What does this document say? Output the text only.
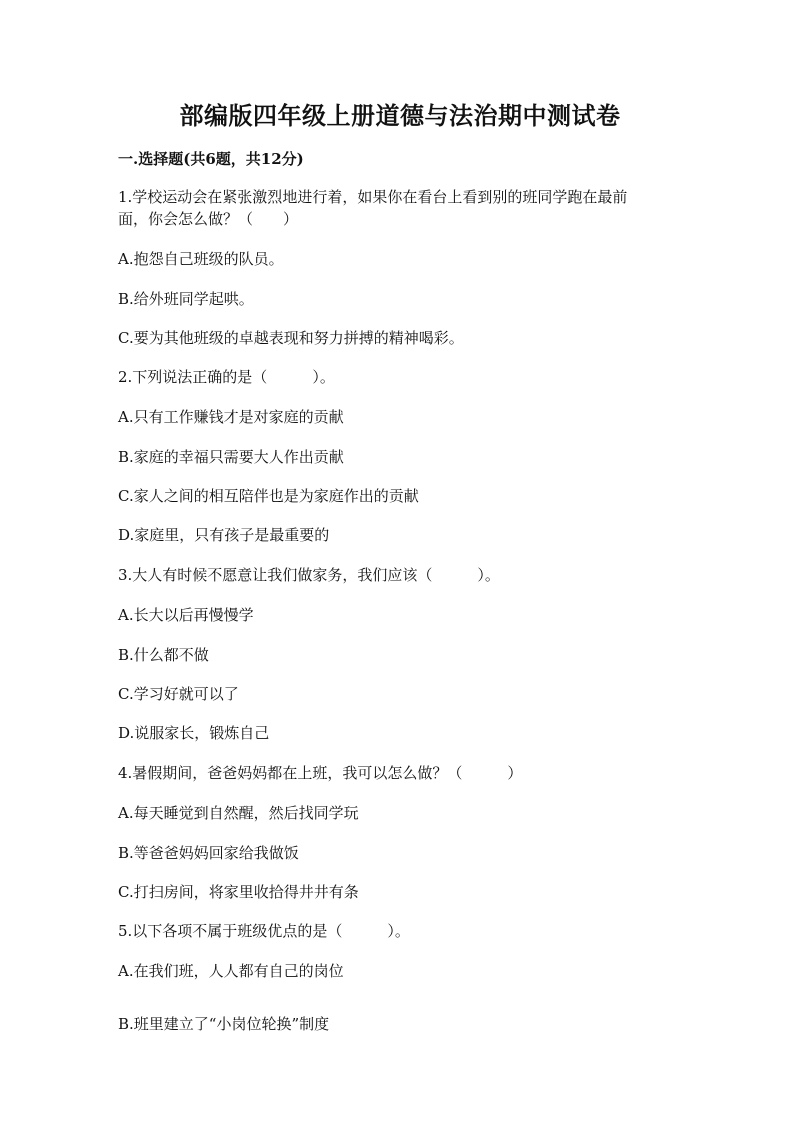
部编版四年级上册道德与法治期中测试卷
一.选择题(共6题，共12分)
1.学校运动会在紧张激烈地进行着，如果你在看台上看到别的班同学跑在最前
面，你会怎么做？（　　）
A.抱怨自己班级的队员。
B.给外班同学起哄。
C.要为其他班级的卓越表现和努力拼搏的精神喝彩。
2.下列说法正确的是（　　　）。
A.只有工作赚钱才是对家庭的贡献
B.家庭的幸福只需要大人作出贡献
C.家人之间的相互陪伴也是为家庭作出的贡献
D.家庭里，只有孩子是最重要的
3.大人有时候不愿意让我们做家务，我们应该（　　　）。
A.长大以后再慢慢学
B.什么都不做
C.学习好就可以了
D.说服家长，锻炼自己
4.暑假期间，爸爸妈妈都在上班，我可以怎么做？（　　　）
A.每天睡觉到自然醒，然后找同学玩
B.等爸爸妈妈回家给我做饭
C.打扫房间，将家里收拾得井井有条
5.以下各项不属于班级优点的是（　　　）。
A.在我们班，人人都有自己的岗位
B.班里建立了“小岗位轮换”制度
